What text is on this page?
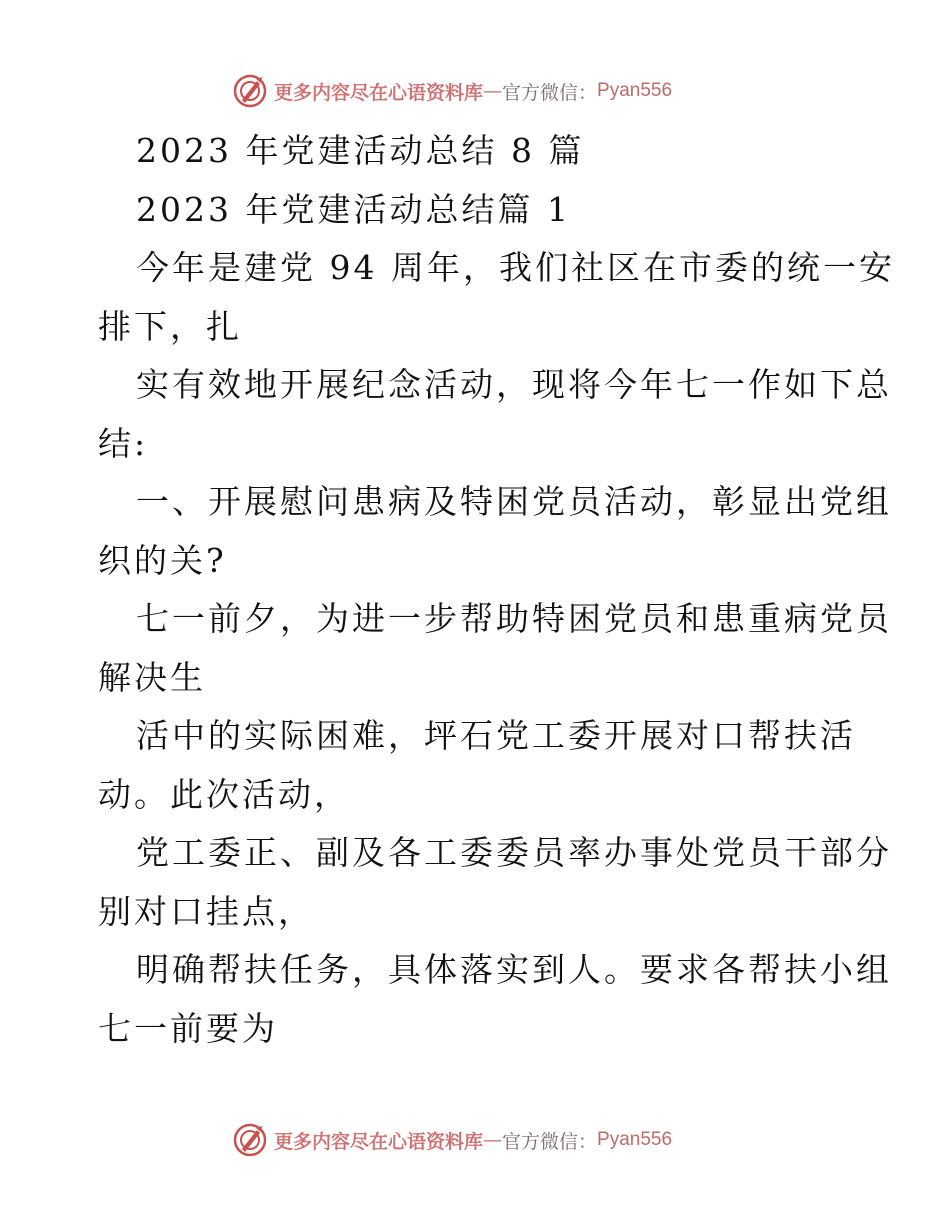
更多内容尽在心语资料库 — 官方微信： Pyan556
2023 年党建活动总结 8 篇
2023 年党建活动总结篇 1
今年是建党 94 周年，我们社区在市委的统一安
排下，扎
实有效地开展纪念活动，现将今年七一作如下总
结:
一、开展慰问患病及特困党员活动，彰显出党组
织的关?
七一前夕，为进一步帮助特困党员和患重病党员
解决生
活中的实际困难，坪石党工委开展对口帮扶活
动。此次活动，
党工委正、副及各工委委员率办事处党员干部分
别对口挂点，
明确帮扶任务，具体落实到人。要求各帮扶小组
七一前要为
更多内容尽在心语资料库 — 官方微信： Pyan556
